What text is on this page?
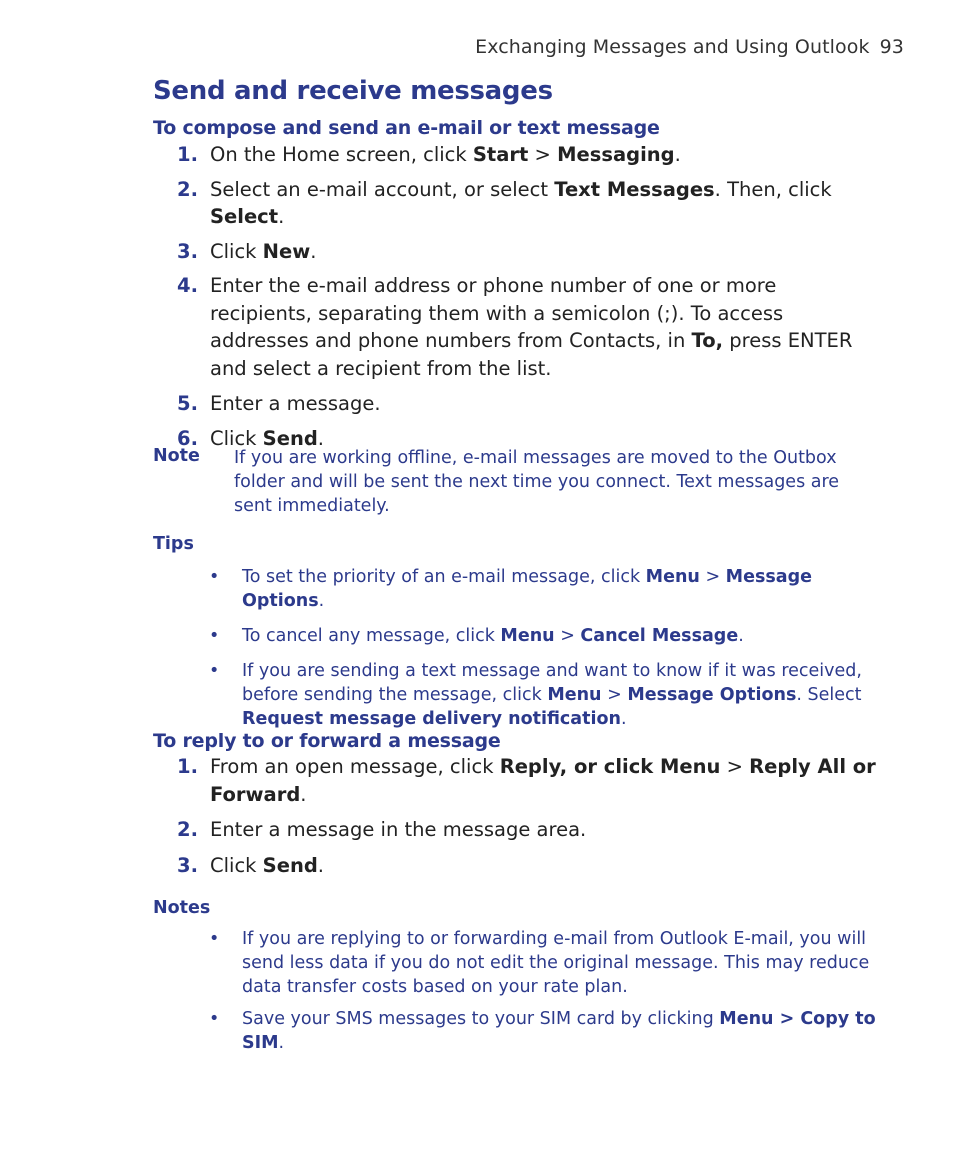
Exchanging Messages and Using Outlook 93
Send and receive messages
To compose and send an e-mail or text message
1. On the Home screen, click Start > Messaging.
2. Select an e-mail account, or select Text Messages. Then, click Select.
3. Click New.
4. Enter the e-mail address or phone number of one or more recipients, separating them with a semicolon (;). To access addresses and phone numbers from Contacts, in To, press ENTER and select a recipient from the list.
5. Enter a message.
6. Click Send.
Note	If you are working offline, e-mail messages are moved to the Outbox folder and will be sent the next time you connect. Text messages are sent immediately.
Tips
• To set the priority of an e-mail message, click Menu > Message Options.
• To cancel any message, click Menu > Cancel Message.
• If you are sending a text message and want to know if it was received, before sending the message, click Menu > Message Options. Select Request message delivery notification.
To reply to or forward a message
1. From an open message, click Reply, or click Menu > Reply All or Forward.
2. Enter a message in the message area.
3. Click Send.
Notes
• If you are replying to or forwarding e-mail from Outlook E-mail, you will send less data if you do not edit the original message. This may reduce data transfer costs based on your rate plan.
• Save your SMS messages to your SIM card by clicking Menu > Copy to SIM.
